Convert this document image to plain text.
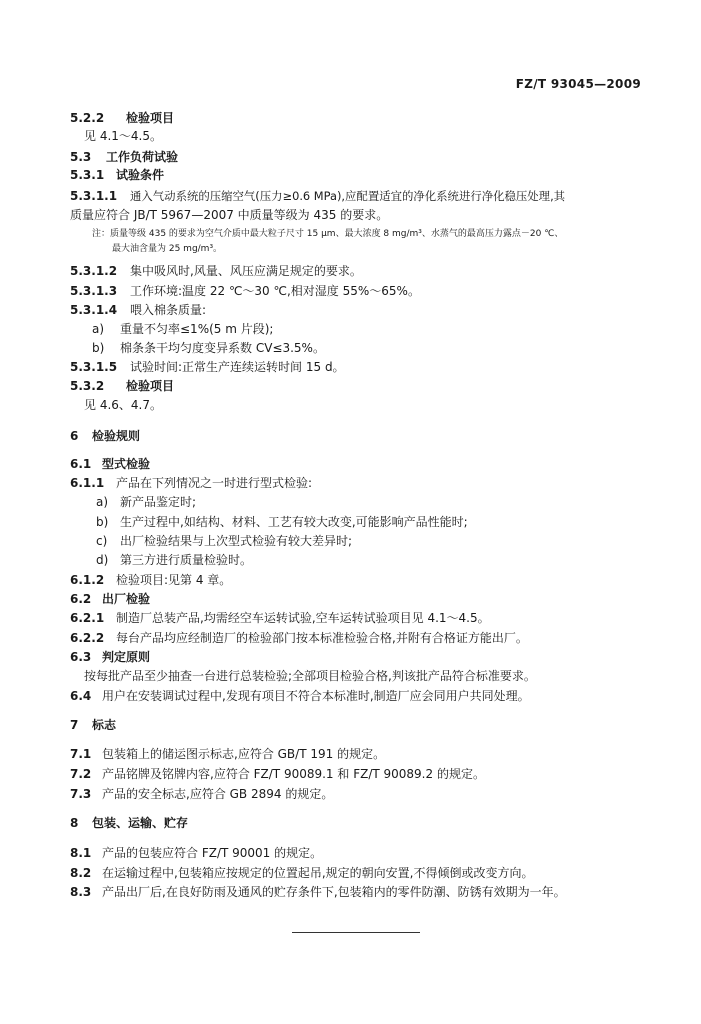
FZ/T 93045—2009
5.2.2 检验项目
见 4.1～4.5。
5.3 工作负荷试验
5.3.1 试验条件
5.3.1.1 通入气动系统的压缩空气(压力≥0.6 MPa),应配置适宜的净化系统进行净化稳压处理,其
质量应符合 JB/T 5967—2007 中质量等级为 435 的要求。
注：质量等级 435 的要求为空气介质中最大粒子尺寸 15 μm、最大浓度 8 mg/m³、水蒸气的最高压力露点－20 ℃、
最大油含量为 25 mg/m³。
5.3.1.2 集中吸风时,风量、风压应满足规定的要求。
5.3.1.3 工作环境:温度 22 ℃～30 ℃,相对湿度 55%～65%。
5.3.1.4 喂入棉条质量:
a) 重量不匀率≤1%(5 m 片段);
b) 棉条条干均匀度变异系数 CV≤3.5%。
5.3.1.5 试验时间:正常生产连续运转时间 15 d。
5.3.2 检验项目
见 4.6、4.7。
6 检验规则
6.1 型式检验
6.1.1 产品在下列情况之一时进行型式检验:
a) 新产品鉴定时;
b) 生产过程中,如结构、材料、工艺有较大改变,可能影响产品性能时;
c) 出厂检验结果与上次型式检验有较大差异时;
d) 第三方进行质量检验时。
6.1.2 检验项目:见第 4 章。
6.2 出厂检验
6.2.1 制造厂总装产品,均需经空车运转试验,空车运转试验项目见 4.1～4.5。
6.2.2 每台产品均应经制造厂的检验部门按本标准检验合格,并附有合格证方能出厂。
6.3 判定原则
按每批产品至少抽查一台进行总装检验;全部项目检验合格,判该批产品符合标准要求。
6.4 用户在安装调试过程中,发现有项目不符合本标准时,制造厂应会同用户共同处理。
7 标志
7.1 包装箱上的储运图示标志,应符合 GB/T 191 的规定。
7.2 产品铭牌及铭牌内容,应符合 FZ/T 90089.1 和 FZ/T 90089.2 的规定。
7.3 产品的安全标志,应符合 GB 2894 的规定。
8 包装、运输、贮存
8.1 产品的包装应符合 FZ/T 90001 的规定。
8.2 在运输过程中,包装箱应按规定的位置起吊,规定的朝向安置,不得倾倒或改变方向。
8.3 产品出厂后,在良好防雨及通风的贮存条件下,包装箱内的零件防潮、防锈有效期为一年。
